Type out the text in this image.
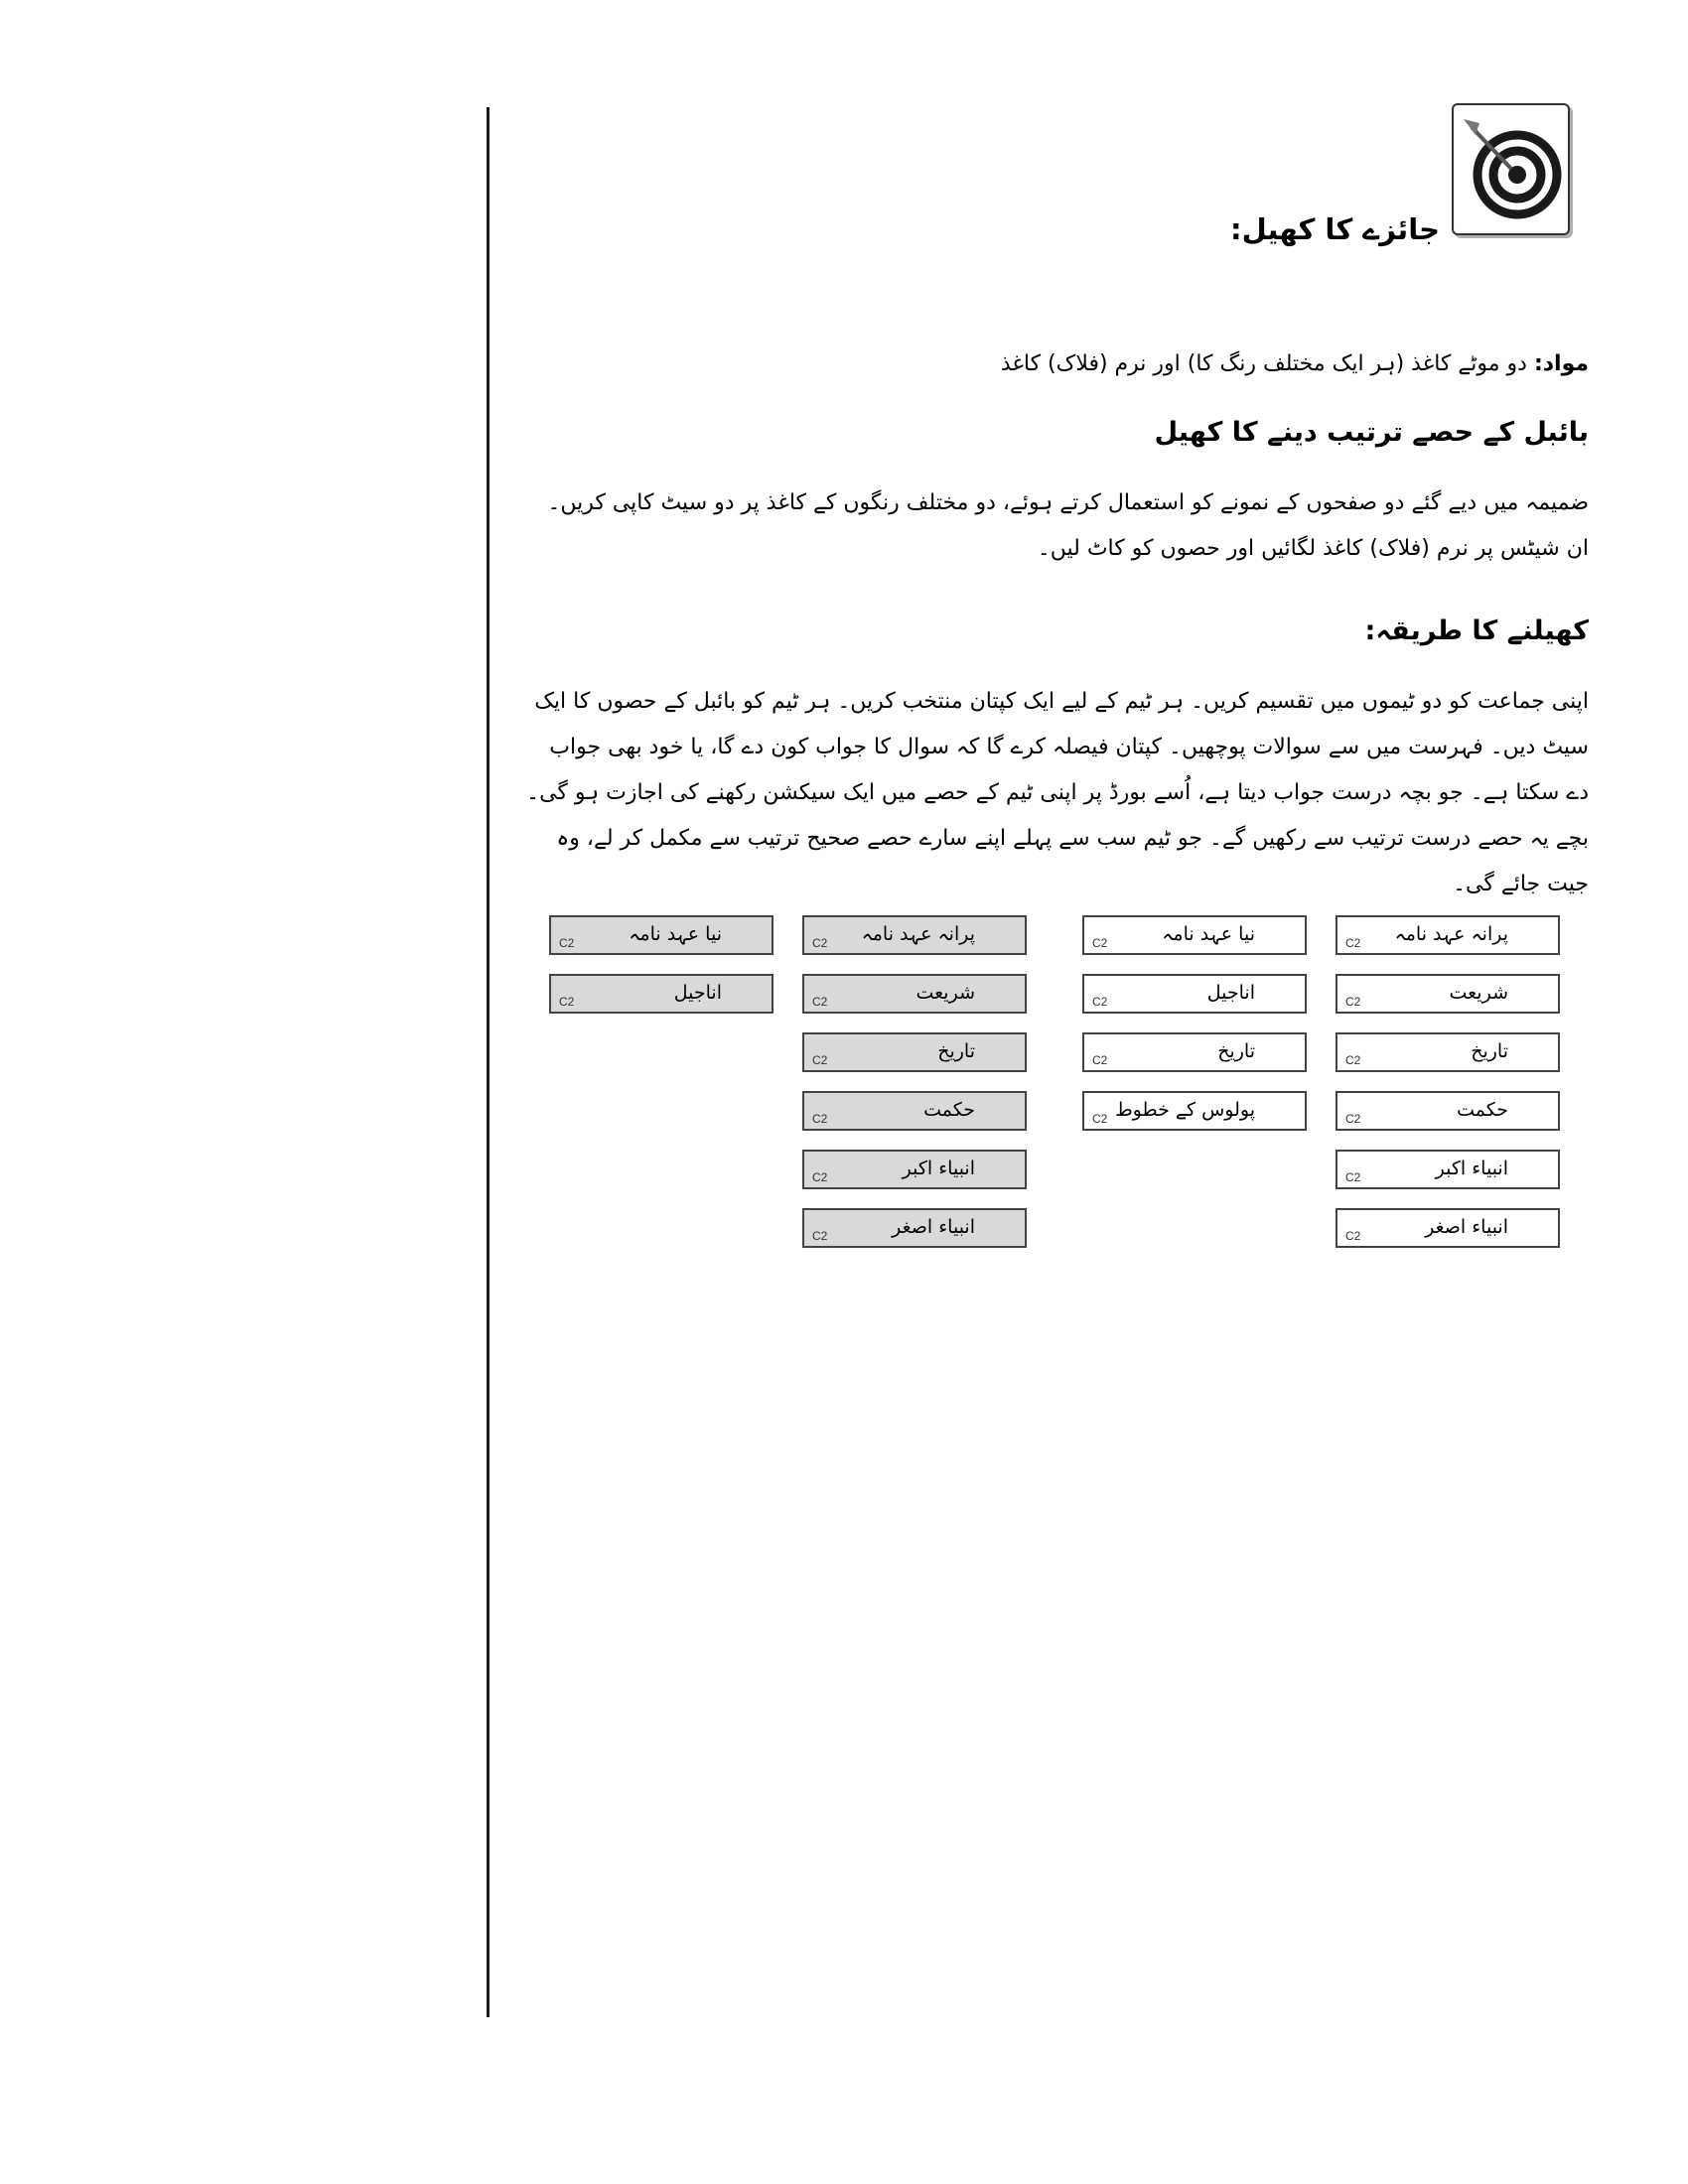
جائزے کا کھیل:
مواد: دو موٹے کاغذ (ہر ایک مختلف رنگ کا) اور نرم (فلاک) کاغذ
بائبل کے حصے ترتیب دینے کا کھیل
ضمیمہ میں دیے گئے دو صفحوں کے نمونے کو استعمال کرتے ہوئے، دو مختلف رنگوں کے کاغذ پر دو سیٹ کاپی کریں۔ ان شیٹس پر نرم (فلاک) کاغذ لگائیں اور حصوں کو کاٹ لیں۔
کھیلنے کا طریقہ:
اپنی جماعت کو دو ٹیموں میں تقسیم کریں۔ ہر ٹیم کے لیے ایک کپتان منتخب کریں۔ ہر ٹیم کو بائبل کے حصوں کا ایک سیٹ دیں۔ فہرست میں سے سوالات پوچھیں۔ کپتان فیصلہ کرے گا کہ سوال کا جواب کون دے گا، یا خود بھی جواب دے سکتا ہے۔ جو بچہ درست جواب دیتا ہے، اُسے بورڈ پر اپنی ٹیم کے حصے میں ایک سیکشن رکھنے کی اجازت ہو گی۔ بچے یہ حصے درست ترتیب سے رکھیں گے۔ جو ٹیم سب سے پہلے اپنے سارے حصے صحیح ترتیب سے مکمل کر لے، وہ جیت جائے گی۔
پرانہ عہد نامہ
C2
شریعت
C2
تاریخ
C2
حکمت
C2
انبیاء اکبر
C2
انبیاء اصغر
C2
نیا عہد نامہ
C2
اناجیل
C2
تاریخ
C2
پولوس کے خطوط
C2
پرانہ عہد نامہ
C2
شریعت
C2
تاریخ
C2
حکمت
C2
انبیاء اکبر
C2
انبیاء اصغر
C2
نیا عہد نامہ
C2
اناجیل
C2
